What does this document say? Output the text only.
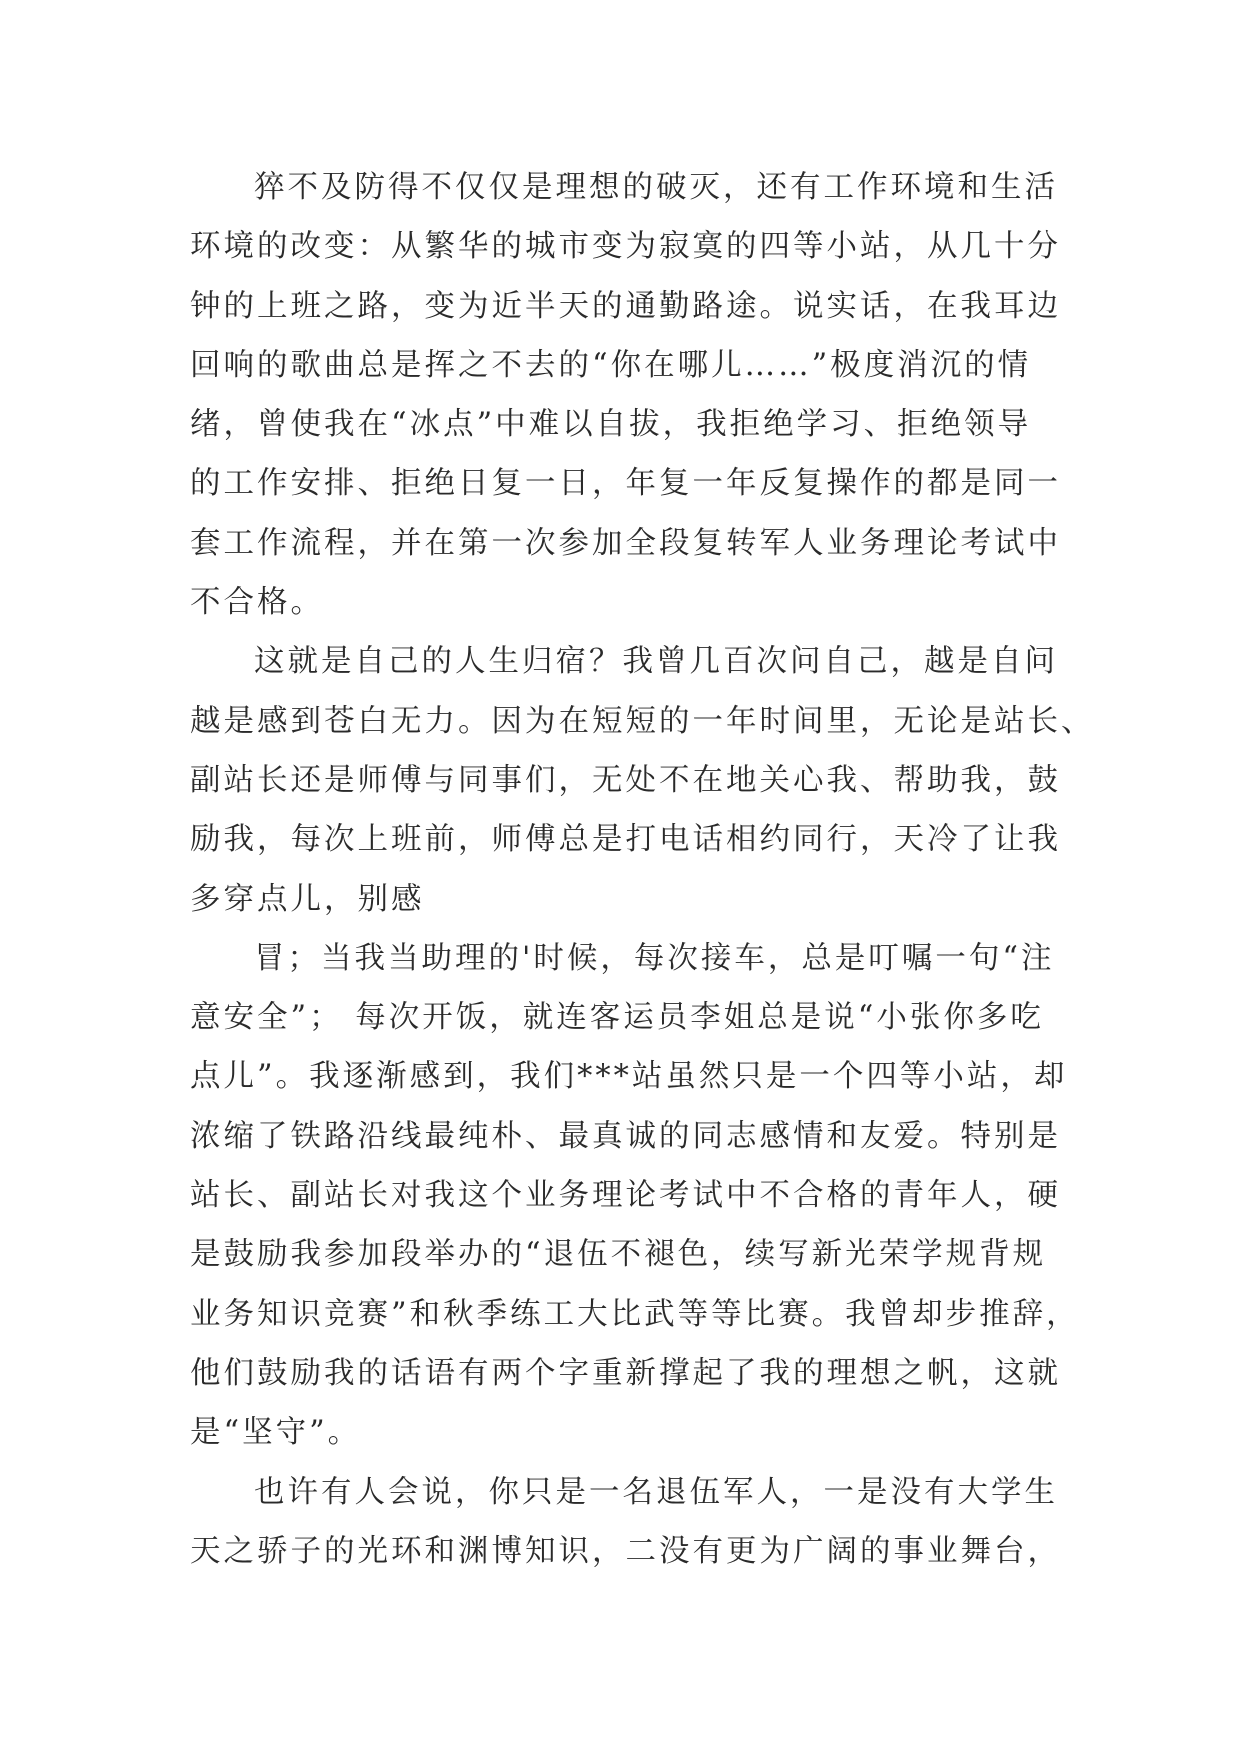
猝不及防得不仅仅是理想的破灭，还有工作环境和生活
环境的改变：从繁华的城市变为寂寞的四等小站，从几十分
钟的上班之路，变为近半天的通勤路途。说实话，在我耳边
回响的歌曲总是挥之不去的“你在哪儿……”极度消沉的情
绪，曾使我在“冰点”中难以自拔，我拒绝学习、拒绝领导
的工作安排、拒绝日复一日，年复一年反复操作的都是同一
套工作流程，并在第一次参加全段复转军人业务理论考试中
不合格。
这就是自己的人生归宿？我曾几百次问自己，越是自问
越是感到苍白无力。因为在短短的一年时间里，无论是站长、
副站长还是师傅与同事们，无处不在地关心我、帮助我，鼓
励我，每次上班前，师傅总是打电话相约同行，天冷了让我
多穿点儿，别感
冒；当我当助理的'时候，每次接车，总是叮嘱一句“注
意安全”； 每次开饭，就连客运员李姐总是说“小张你多吃
点儿”。我逐渐感到，我们***站虽然只是一个四等小站，却
浓缩了铁路沿线最纯朴、最真诚的同志感情和友爱。特别是
站长、副站长对我这个业务理论考试中不合格的青年人，硬
是鼓励我参加段举办的“退伍不褪色，续写新光荣学规背规
业务知识竞赛”和秋季练工大比武等等比赛。我曾却步推辞，
他们鼓励我的话语有两个字重新撑起了我的理想之帆，这就
是“坚守”。
也许有人会说，你只是一名退伍军人，一是没有大学生
天之骄子的光环和渊博知识，二没有更为广阔的事业舞台，
